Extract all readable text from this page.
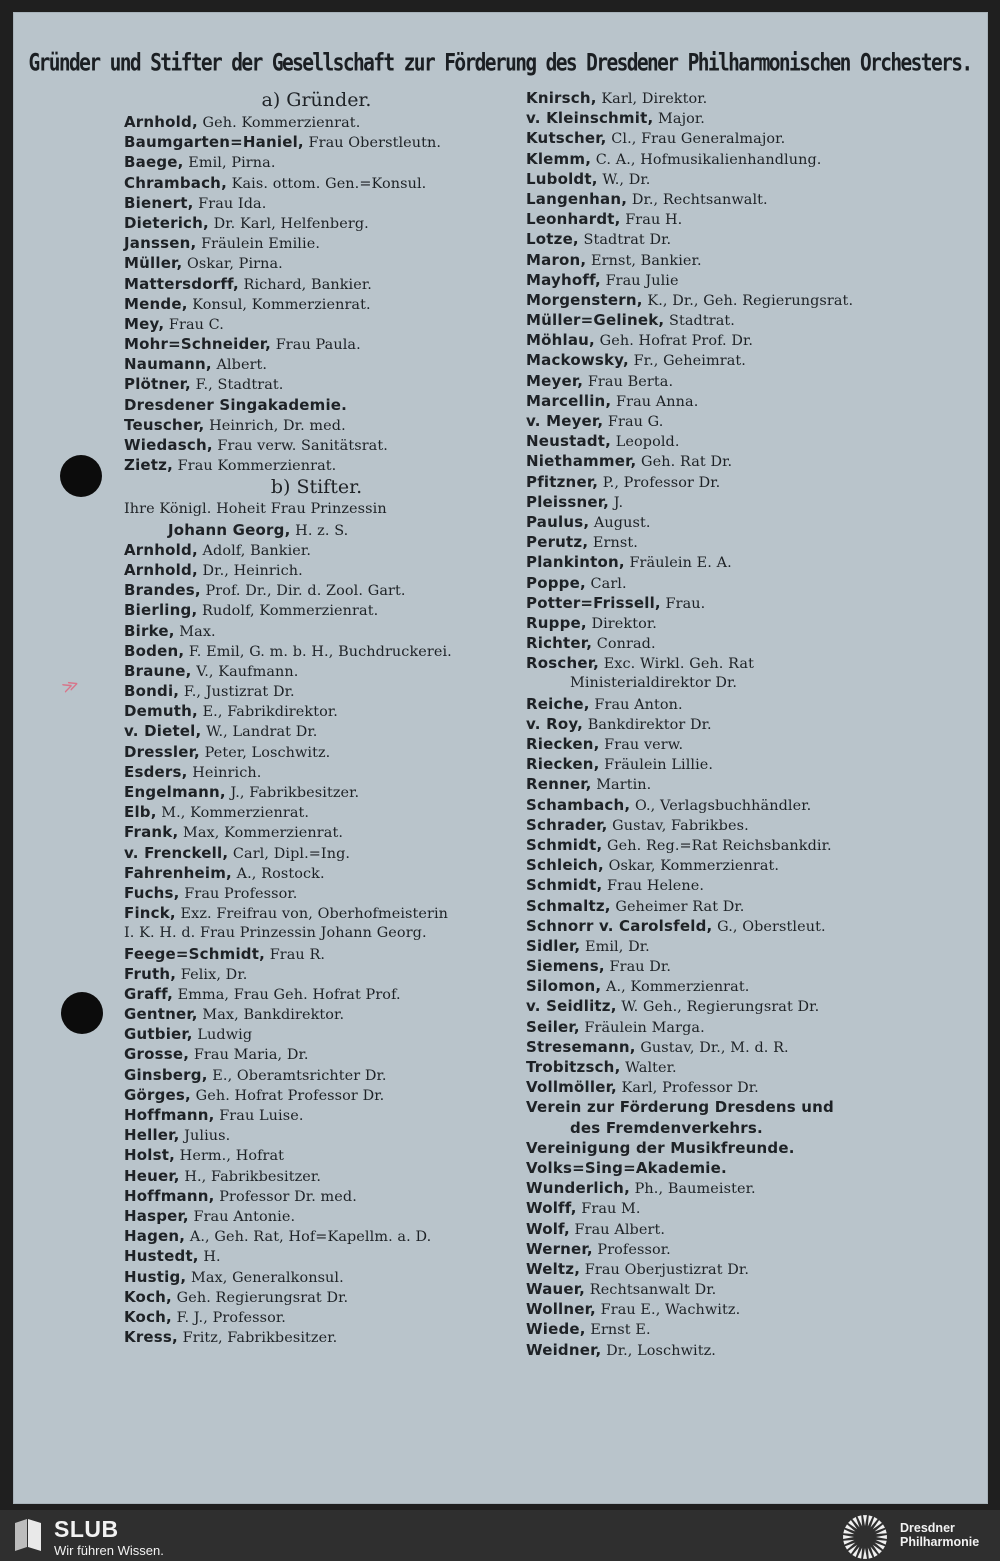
≫
Gründer und Stifter der Gesellschaft zur Förderung des Dresdener Philharmonischen Orchesters.
a) Gründer.
Arnhold, Geh. Kommerzienrat.
Baumgarten=Haniel, Frau Oberstleutn.
Baege, Emil, Pirna.
Chrambach, Kais. ottom. Gen.=Konsul.
Bienert, Frau Ida.
Dieterich, Dr. Karl, Helfenberg.
Janssen, Fräulein Emilie.
Müller, Oskar, Pirna.
Mattersdorff, Richard, Bankier.
Mende, Konsul, Kommerzienrat.
Mey, Frau C.
Mohr=Schneider, Frau Paula.
Naumann, Albert.
Plötner, F., Stadtrat.
Dresdener Singakademie.
Teuscher, Heinrich, Dr. med.
Wiedasch, Frau verw. Sanitätsrat.
Zietz, Frau Kommerzienrat.
b) Stifter.
Ihre Königl. Hoheit Frau Prinzessin
Johann Georg, H. z. S.
Arnhold, Adolf, Bankier.
Arnhold, Dr., Heinrich.
Brandes, Prof. Dr., Dir. d. Zool. Gart.
Bierling, Rudolf, Kommerzienrat.
Birke, Max.
Boden, F. Emil, G. m. b. H., Buchdruckerei.
Braune, V., Kaufmann.
Bondi, F., Justizrat Dr.
Demuth, E., Fabrikdirektor.
v. Dietel, W., Landrat Dr.
Dressler, Peter, Loschwitz.
Esders, Heinrich.
Engelmann, J., Fabrikbesitzer.
Elb, M., Kommerzienrat.
Frank, Max, Kommerzienrat.
v. Frenckell, Carl, Dipl.=Ing.
Fahrenheim, A., Rostock.
Fuchs, Frau Professor.
Finck, Exz. Freifrau von, Oberhofmeisterin
I. K. H. d. Frau Prinzessin Johann Georg.
Feege=Schmidt, Frau R.
Fruth, Felix, Dr.
Graff, Emma, Frau Geh. Hofrat Prof.
Gentner, Max, Bankdirektor.
Gutbier, Ludwig
Grosse, Frau Maria, Dr.
Ginsberg, E., Oberamtsrichter Dr.
Görges, Geh. Hofrat Professor Dr.
Hoffmann, Frau Luise.
Heller, Julius.
Holst, Herm., Hofrat
Heuer, H., Fabrikbesitzer.
Hoffmann, Professor Dr. med.
Hasper, Frau Antonie.
Hagen, A., Geh. Rat, Hof=Kapellm. a. D.
Hustedt, H.
Hustig, Max, Generalkonsul.
Koch, Geh. Regierungsrat Dr.
Koch, F. J., Professor.
Kress, Fritz, Fabrikbesitzer.
Knirsch, Karl, Direktor.
v. Kleinschmit, Major.
Kutscher, Cl., Frau Generalmajor.
Klemm, C. A., Hofmusikalienhandlung.
Luboldt, W., Dr.
Langenhan, Dr., Rechtsanwalt.
Leonhardt, Frau H.
Lotze, Stadtrat Dr.
Maron, Ernst, Bankier.
Mayhoff, Frau Julie
Morgenstern, K., Dr., Geh. Regierungsrat.
Müller=Gelinek, Stadtrat.
Möhlau, Geh. Hofrat Prof. Dr.
Mackowsky, Fr., Geheimrat.
Meyer, Frau Berta.
Marcellin, Frau Anna.
v. Meyer, Frau G.
Neustadt, Leopold.
Niethammer, Geh. Rat Dr.
Pfitzner, P., Professor Dr.
Pleissner, J.
Paulus, August.
Perutz, Ernst.
Plankinton, Fräulein E. A.
Poppe, Carl.
Potter=Frissell, Frau.
Ruppe, Direktor.
Richter, Conrad.
Roscher, Exc. Wirkl. Geh. Rat
Ministerialdirektor Dr.
Reiche, Frau Anton.
v. Roy, Bankdirektor Dr.
Riecken, Frau verw.
Riecken, Fräulein Lillie.
Renner, Martin.
Schambach, O., Verlagsbuchhändler.
Schrader, Gustav, Fabrikbes.
Schmidt, Geh. Reg.=Rat Reichsbankdir.
Schleich, Oskar, Kommerzienrat.
Schmidt, Frau Helene.
Schmaltz, Geheimer Rat Dr.
Schnorr v. Carolsfeld, G., Oberstleut.
Sidler, Emil, Dr.
Siemens, Frau Dr.
Silomon, A., Kommerzienrat.
v. Seidlitz, W. Geh., Regierungsrat Dr.
Seiler, Fräulein Marga.
Stresemann, Gustav, Dr., M. d. R.
Trobitzsch, Walter.
Vollmöller, Karl, Professor Dr.
Verein zur Förderung Dresdens und
des Fremdenverkehrs.
Vereinigung der Musikfreunde.
Volks=Sing=Akademie.
Wunderlich, Ph., Baumeister.
Wolff, Frau M.
Wolf, Frau Albert.
Werner, Professor.
Weltz, Frau Oberjustizrat Dr.
Wauer, Rechtsanwalt Dr.
Wollner, Frau E., Wachwitz.
Wiede, Ernst E.
Weidner, Dr., Loschwitz.
SLUB
Wir führen Wissen.
Dresdner
Philharmonie
